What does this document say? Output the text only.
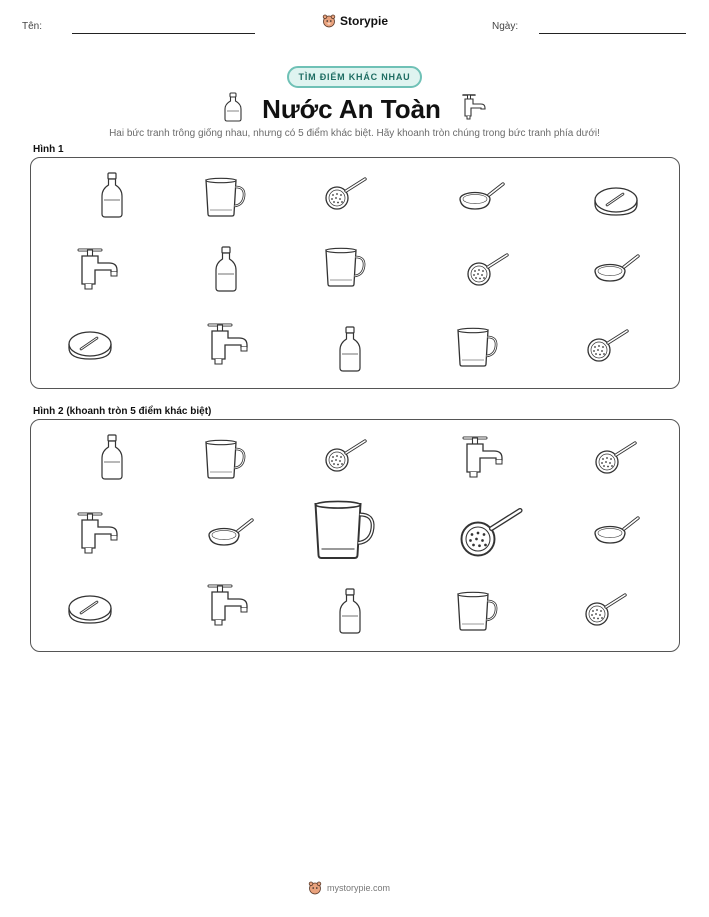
Tên:	Storypie	Ngày:
TÌM ĐIỂM KHÁC NHAU
Nước An Toàn
Hai bức tranh trông giống nhau, nhưng có 5 điểm khác biệt. Hãy khoanh tròn chúng trong bức tranh phía dưới!
Hình 1
Hình 2 (khoanh tròn 5 điểm khác biệt)
mystorypie.com
